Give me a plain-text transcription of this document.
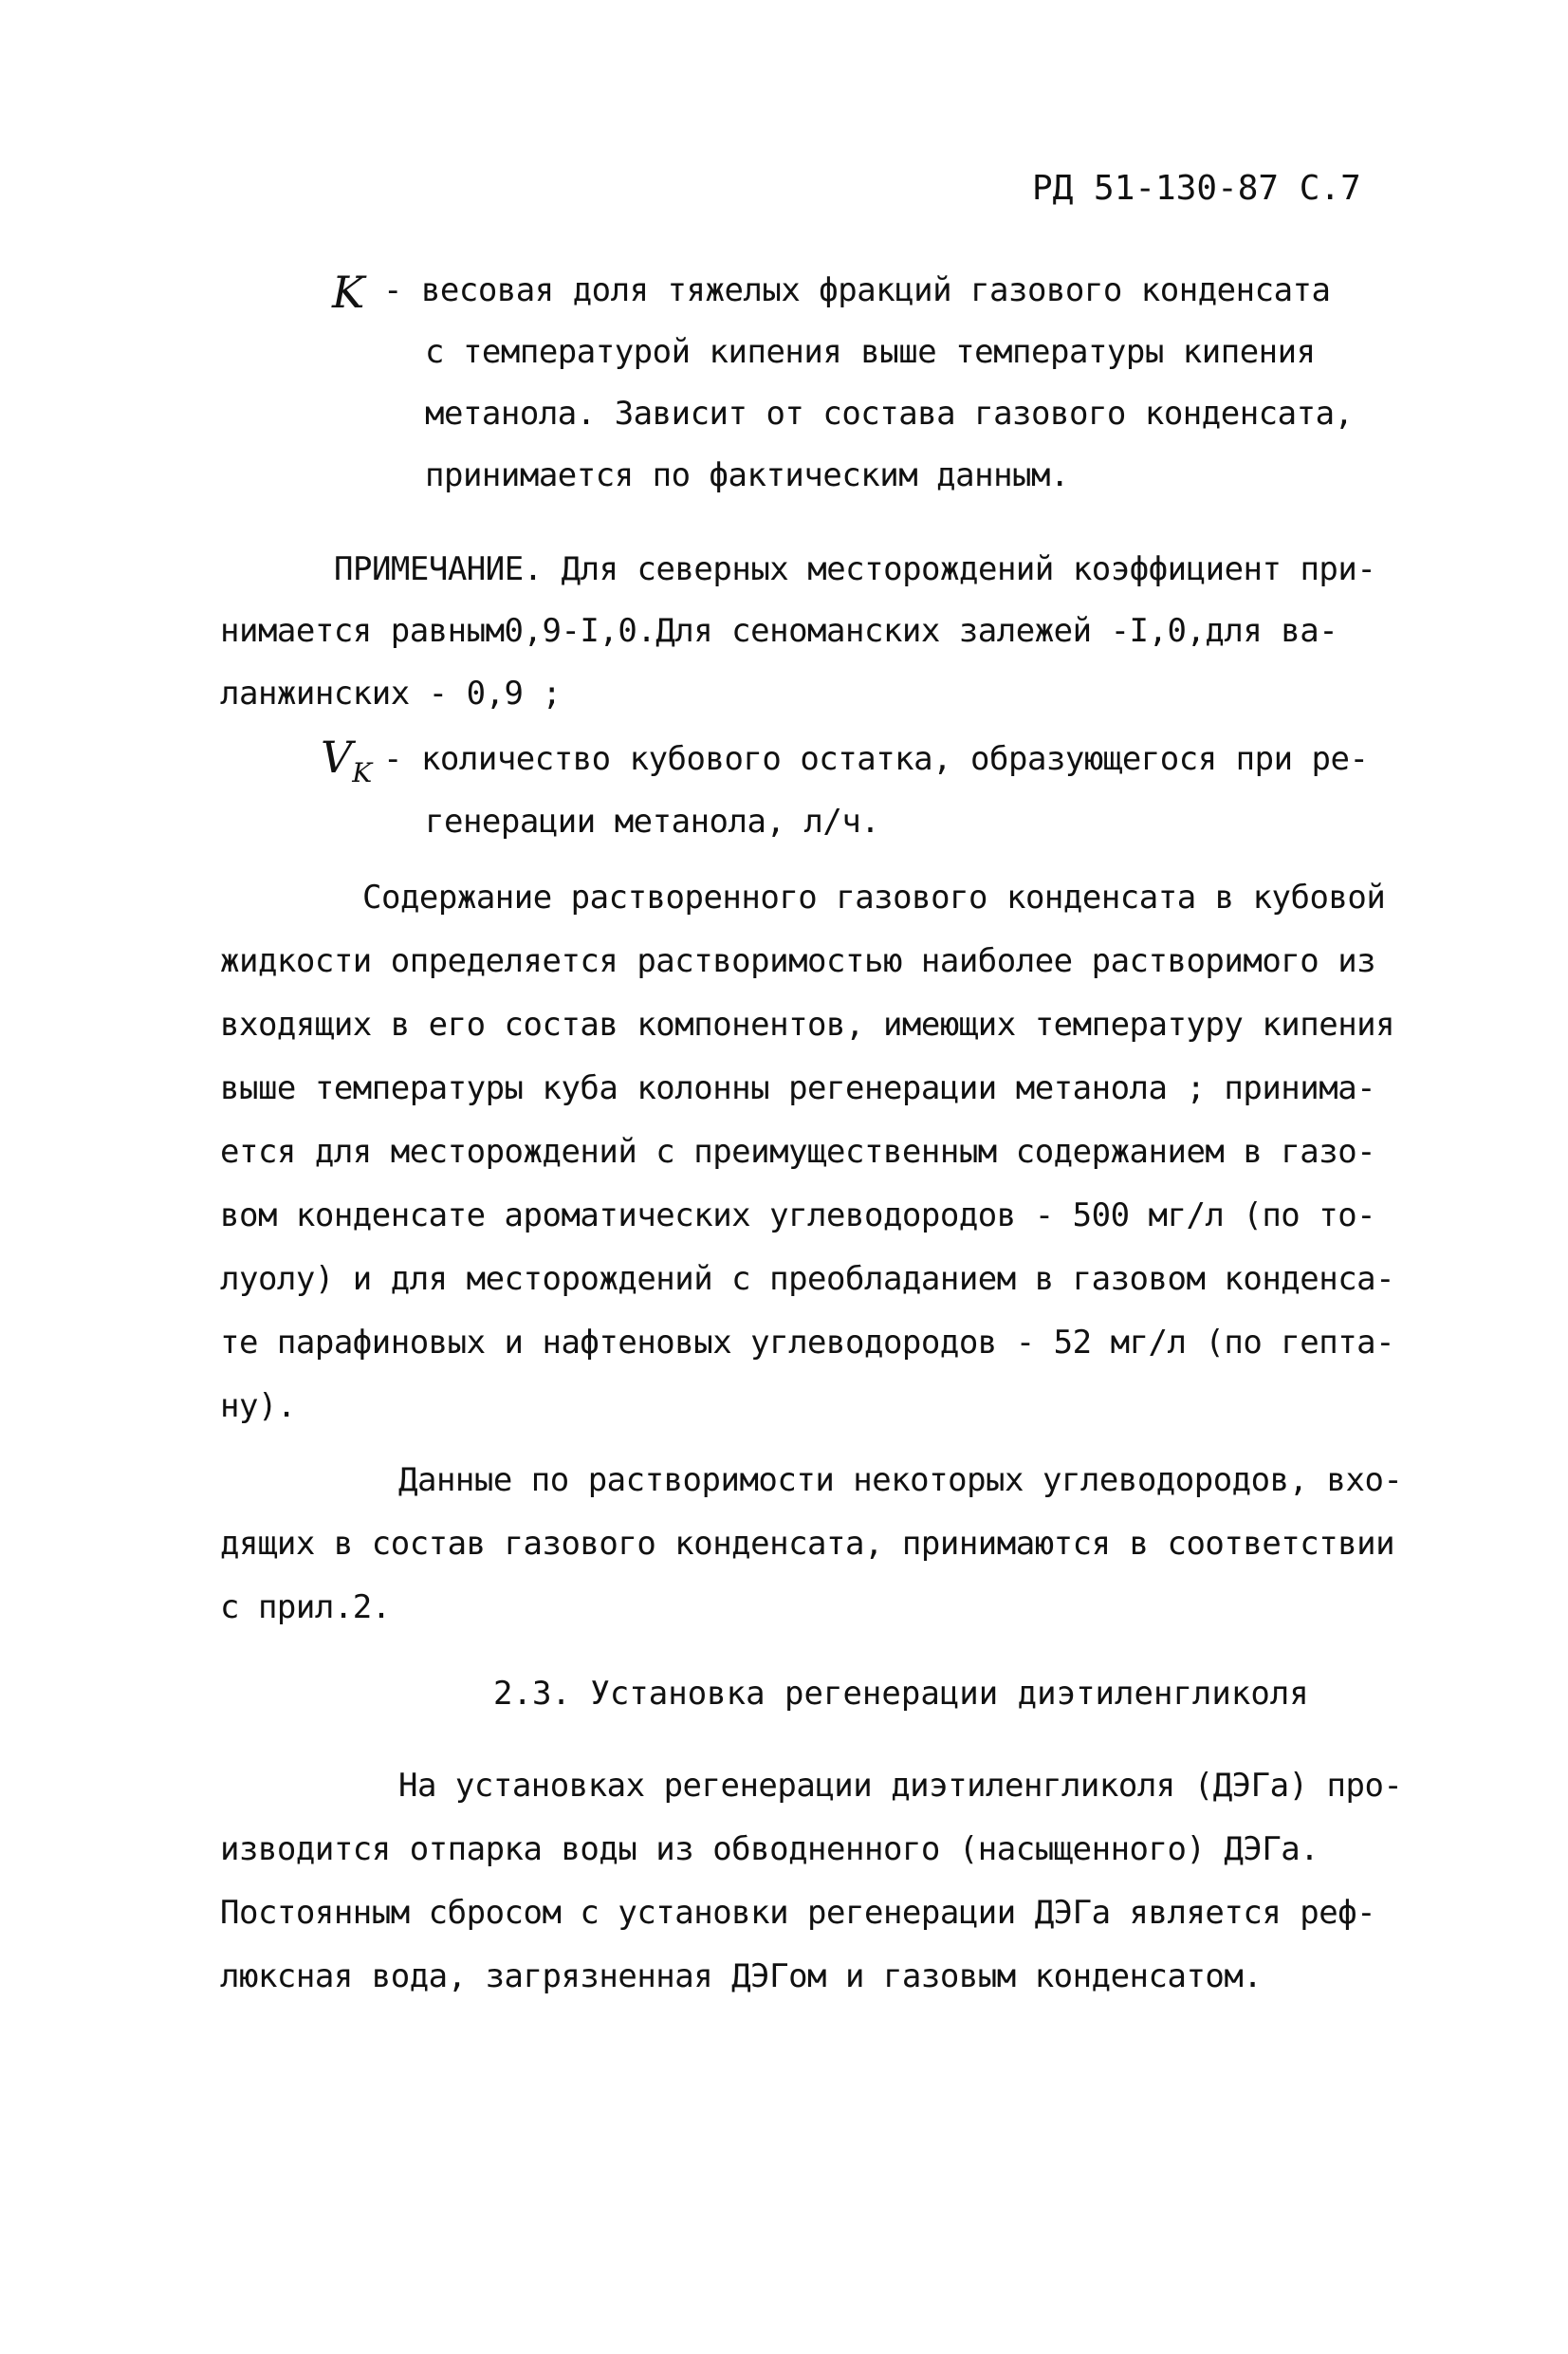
РД 51-130-87 С.7
K - весовая доля тяжелых фракций газового конденсата
с температурой кипения выше температуры кипения
метанола. Зависит от состава газового конденсата,
принимается по фактическим данным.
ПРИМЕЧАНИЕ. Для северных месторождений коэффициент при-
нимается равным0,9-I,0.Для сеноманских залежей -I,0,для ва-
ланжинских - 0,9 ;
$V_K$ - количество кубового остатка, образующегося при ре-
генерации метанола, л/ч.
Содержание растворенного газового конденсата в кубовой
жидкости определяется растворимостью наиболее растворимого из
входящих в его состав компонентов, имеющих температуру кипения
выше температуры куба колонны регенерации метанола ; принима-
ется для месторождений с преимущественным содержанием в газо-
вом конденсате ароматических углеводородов - 500 мг/л (по то-
луолу) и для месторождений с преобладанием в газовом конденса-
те парафиновых и нафтеновых углеводородов - 52 мг/л (по гепта-
ну).
Данные по растворимости некоторых углеводородов, вхо-
дящих в состав газового конденсата, принимаются в соответствии
с прил.2.
2.3. Установка регенерации диэтиленгликоля
На установках регенерации диэтиленгликоля (ДЭГа) про-
изводится отпарка воды из обводненного (насыщенного) ДЭГа.
Постоянным сбросом с установки регенерации ДЭГа является реф-
люксная вода, загрязненная ДЭГом и газовым конденсатом.
